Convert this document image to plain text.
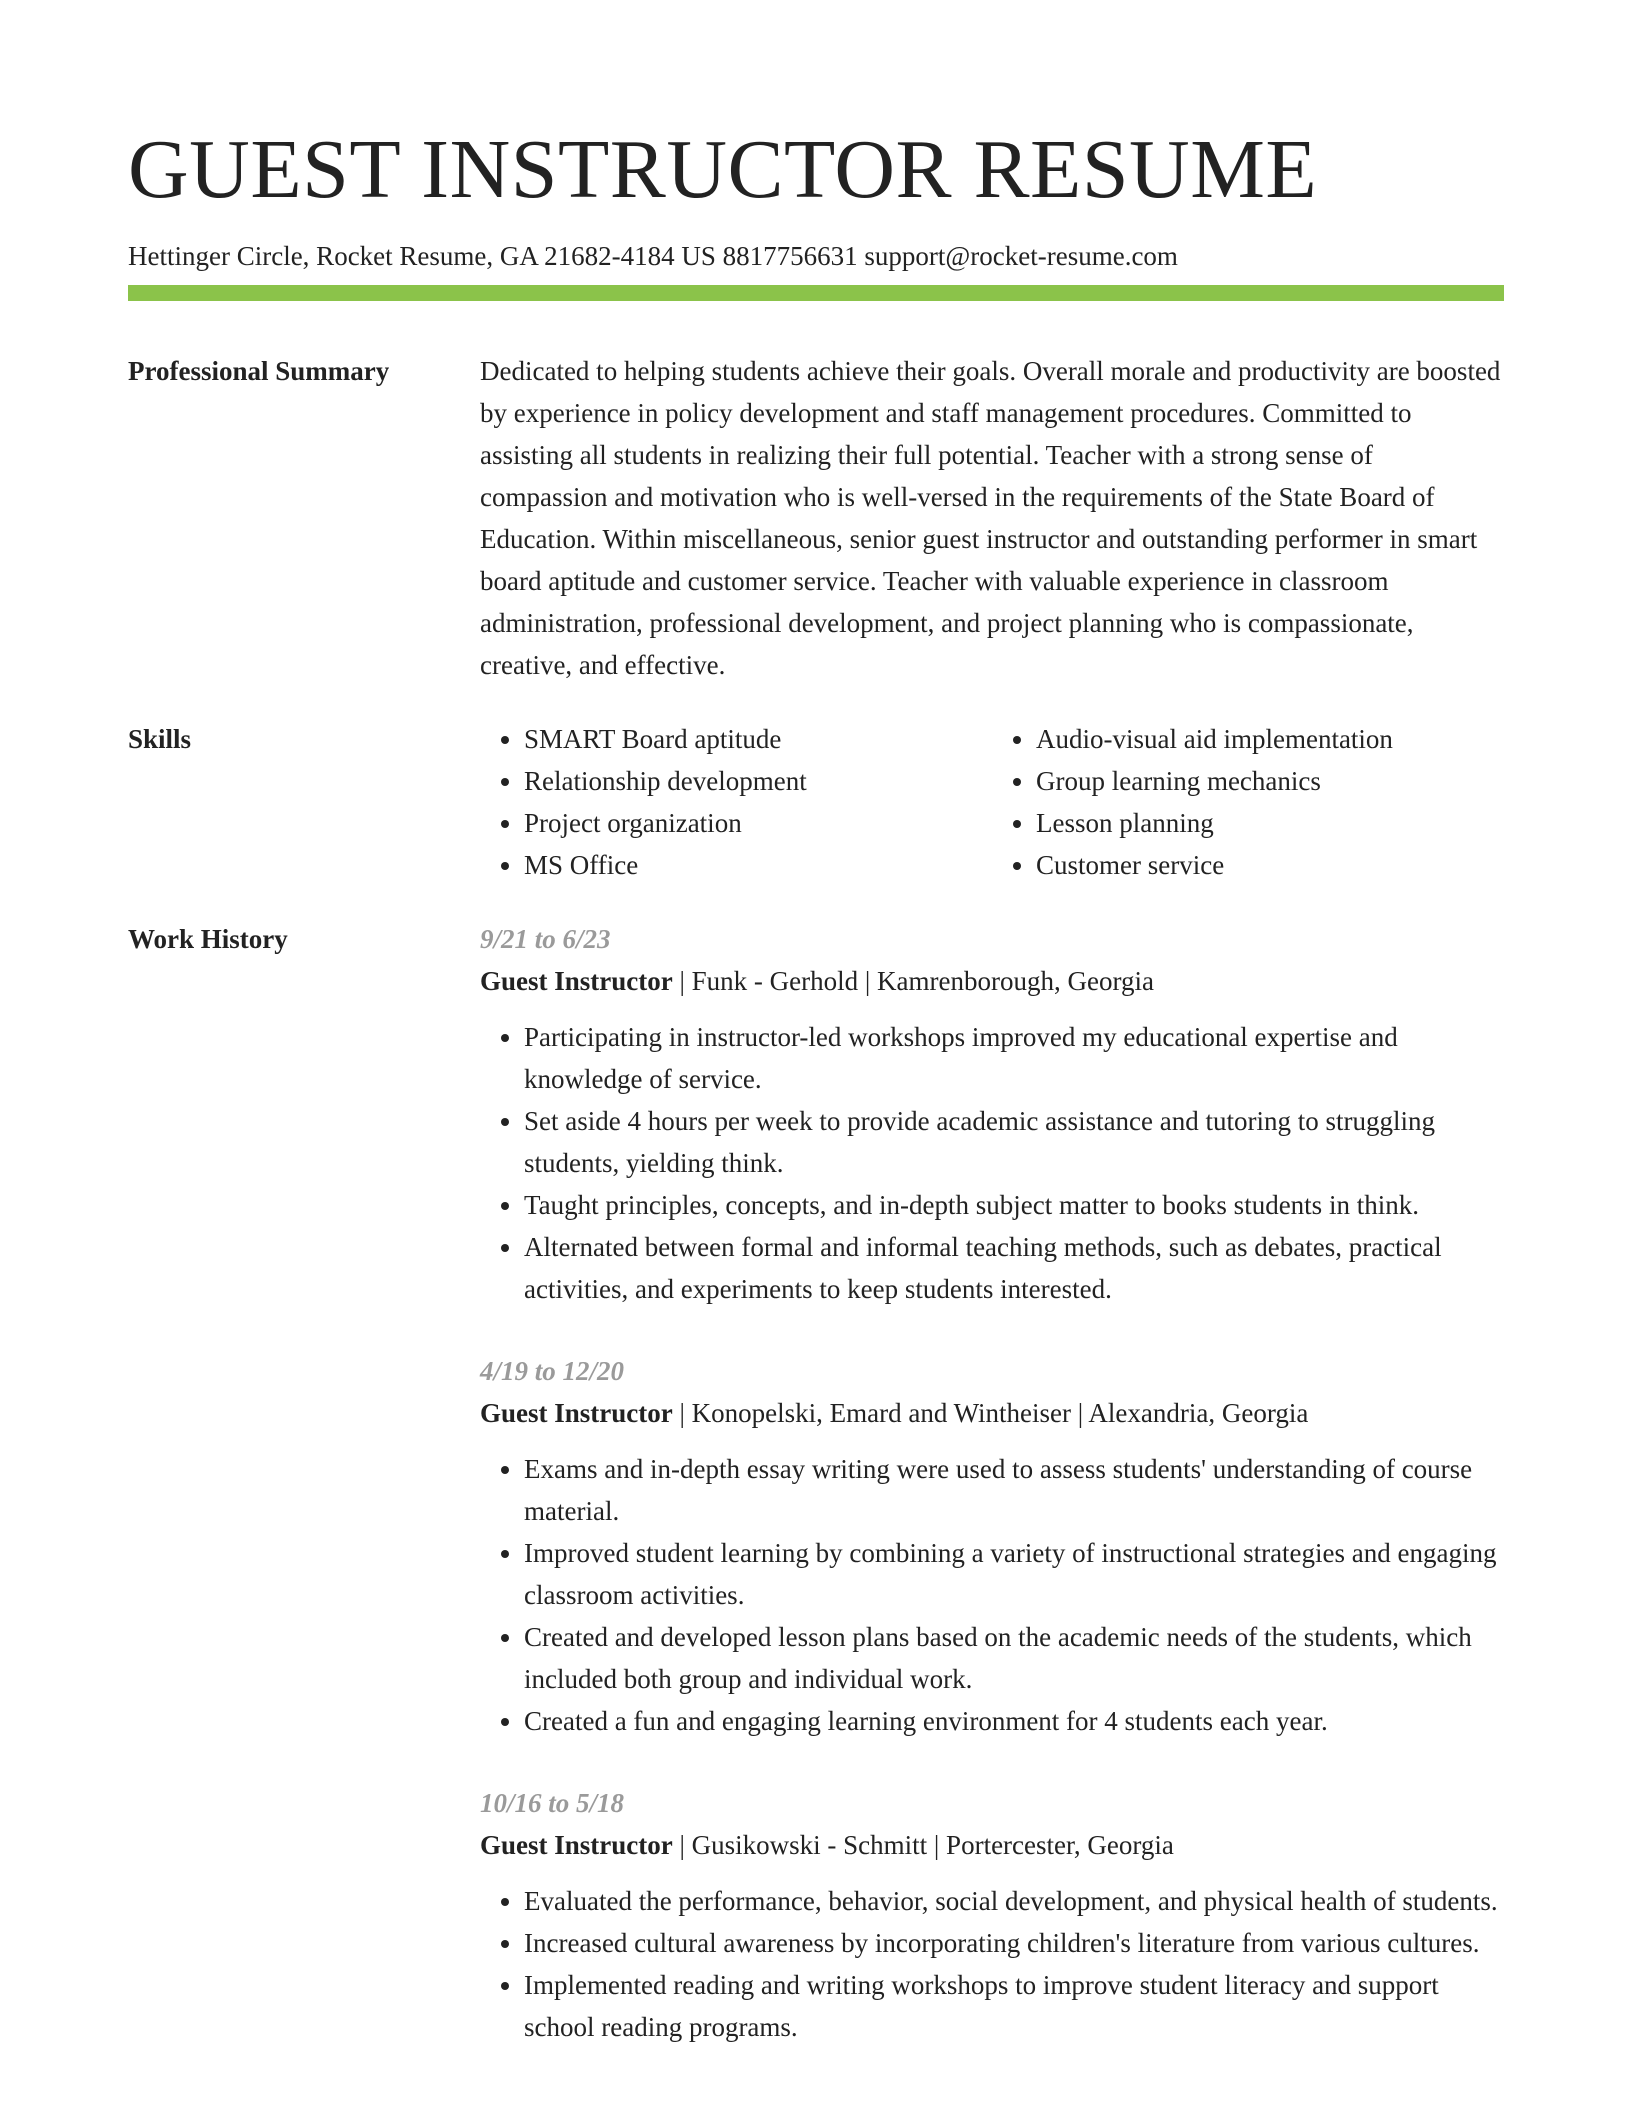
GUEST INSTRUCTOR RESUME
Hettinger Circle, Rocket Resume, GA 21682-4184 US 8817756631 support@rocket-resume.com
Professional Summary	Dedicated to helping students achieve their goals. Overall morale and productivity are boosted by experience in policy development and staff management procedures. Committed to assisting all students in realizing their full potential. Teacher with a strong sense of compassion and motivation who is well-versed in the requirements of the State Board of Education. Within miscellaneous, senior guest instructor and outstanding performer in smart board aptitude and customer service. Teacher with valuable experience in classroom administration, professional development, and project planning who is compassionate, creative, and effective.

Skills
•	SMART Board aptitude
• Relationship development
• Project organization
• MS Office
• Audio-visual aid implementation
• Group learning mechanics
• Lesson planning
• Customer service
Work History	9/21 to 6/23
Guest Instructor | Funk - Gerhold | Kamrenborough, Georgia
• Participating in instructor-led workshops improved my educational expertise and knowledge of service.
• Set aside 4 hours per week to provide academic assistance and tutoring to struggling students, yielding think.
• Taught principles, concepts, and in-depth subject matter to books students in think.
• Alternated between formal and informal teaching methods, such as debates, practical activities, and experiments to keep students interested.
4/19 to 12/20
Guest Instructor | Konopelski, Emard and Wintheiser | Alexandria, Georgia
• Exams and in-depth essay writing were used to assess students' understanding of course material.
• Improved student learning by combining a variety of instructional strategies and engaging classroom activities.
• Created and developed lesson plans based on the academic needs of the students, which included both group and individual work.
• Created a fun and engaging learning environment for 4 students each year.
10/16 to 5/18
Guest Instructor | Gusikowski - Schmitt | Portercester, Georgia
• Evaluated the performance, behavior, social development, and physical health of students.
• Increased cultural awareness by incorporating children's literature from various cultures.
• Implemented reading and writing workshops to improve student literacy and support school reading programs.
